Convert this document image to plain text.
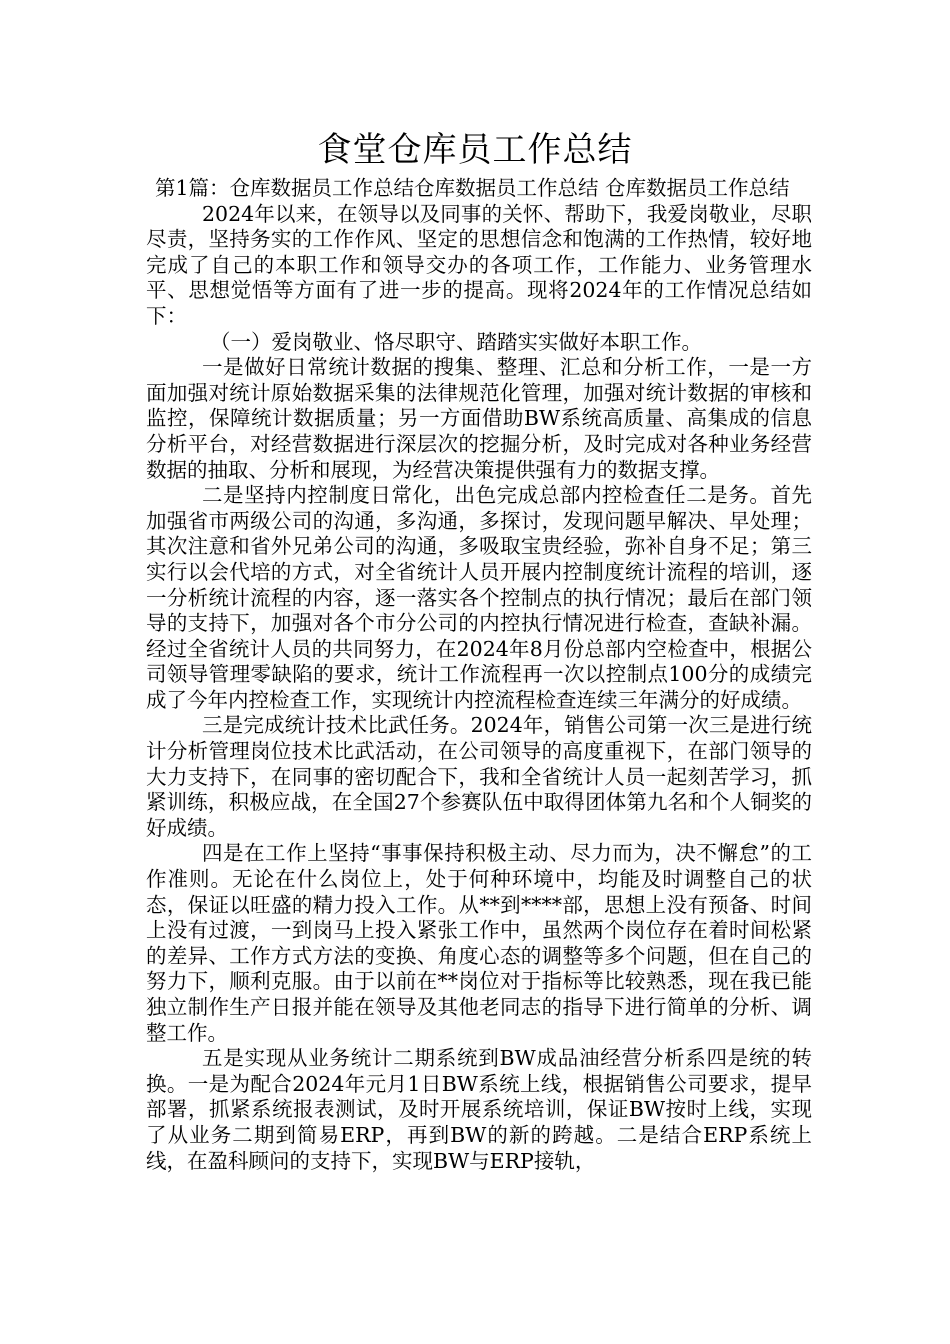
食堂仓库员工作总结

第1篇：仓库数据员工作总结仓库数据员工作总结 仓库数据员工作总结

2024年以来，在领导以及同事的关怀、帮助下，我爱岗敬业，尽职尽责，坚持务实的工作作风、坚定的思想信念和饱满的工作热情，较好地完成了自己的本职工作和领导交办的各项工作，工作能力、业务管理水平、思想觉悟等方面有了进一步的提高。现将2024年的工作情况总结如下：

（一）爱岗敬业、恪尽职守、踏踏实实做好本职工作。

一是做好日常统计数据的搜集、整理、汇总和分析工作，一是一方面加强对统计原始数据采集的法律规范化管理，加强对统计数据的审核和监控，保障统计数据质量；另一方面借助BW系统高质量、高集成的信息分析平台，对经营数据进行深层次的挖掘分析，及时完成对各种业务经营数据的抽取、分析和展现，为经营决策提供强有力的数据支撑。

二是坚持内控制度日常化，出色完成总部内控检查任二是务。首先加强省市两级公司的沟通，多沟通，多探讨，发现问题早解决、早处理；其次注意和省外兄弟公司的沟通，多吸取宝贵经验，弥补自身不足；第三实行以会代培的方式，对全省统计人员开展内控制度统计流程的培训，逐一分析统计流程的内容，逐一落实各个控制点的执行情况；最后在部门领导的支持下，加强对各个市分公司的内控执行情况进行检查，查缺补漏。经过全省统计人员的共同努力，在2024年8月份总部内空检查中，根据公司领导管理零缺陷的要求，统计工作流程再一次以控制点100分的成绩完成了今年内控检查工作，实现统计内控流程检查连续三年满分的好成绩。

三是完成统计技术比武任务。2024年，销售公司第一次三是进行统计分析管理岗位技术比武活动，在公司领导的高度重视下，在部门领导的大力支持下，在同事的密切配合下，我和全省统计人员一起刻苦学习，抓紧训练，积极应战，在全国27个参赛队伍中取得团体第九名和个人铜奖的好成绩。

四是在工作上坚持“事事保持积极主动、尽力而为，决不懈怠”的工作准则。无论在什么岗位上，处于何种环境中，均能及时调整自己的状态，保证以旺盛的精力投入工作。从**到****部，思想上没有预备、时间上没有过渡，一到岗马上投入紧张工作中，虽然两个岗位存在着时间松紧的差异、工作方式方法的变换、角度心态的调整等多个问题，但在自己的努力下，顺利克服。由于以前在**岗位对于指标等比较熟悉，现在我已能独立制作生产日报并能在领导及其他老同志的指导下进行简单的分析、调整工作。

五是实现从业务统计二期系统到BW成品油经营分析系四是统的转换。一是为配合2024年元月1日BW系统上线，根据销售公司要求，提早部署，抓紧系统报表测试，及时开展系统培训，保证BW按时上线，实现了从业务二期到简易ERP，再到BW的新的跨越。二是结合ERP系统上线，在盈科顾问的支持下，实现BW与ERP接轨，
